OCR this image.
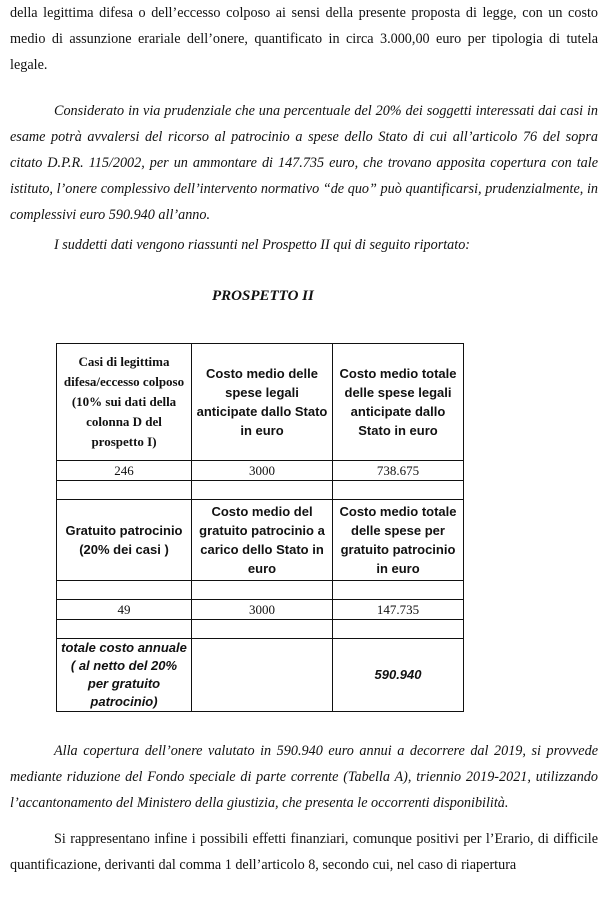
della legittima difesa o dell’eccesso colposo ai sensi della presente proposta di legge, con un costo medio di assunzione erariale dell’onere, quantificato in circa 3.000,00 euro per tipologia di tutela legale.

Considerato in via prudenziale che una percentuale del 20% dei soggetti interessati dai casi in esame potrà avvalersi del ricorso al patrocinio a spese dello Stato di cui all’articolo 76 del sopra citato D.P.R. 115/2002, per un ammontare di 147.735 euro, che trovano apposita copertura con tale istituto, l’onere complessivo dell’intervento normativo “de quo” può quantificarsi, prudenzialmente, in complessivi euro 590.940 all’anno.

I suddetti dati vengono riassunti nel Prospetto II qui di seguito riportato:

PROSPETTO II
Casi di legittima difesa/eccesso colposo (10% sui dati della colonna D del prospetto I)	Costo medio delle spese legali anticipate dallo Stato in euro	Costo medio totale delle spese legali anticipate dallo Stato in euro
246	3000	738.675

Gratuito patrocinio (20% dei casi )	Costo medio del gratuito patrocinio a carico dello Stato in euro	Costo medio totale delle spese per gratuito patrocinio in euro

49	3000	147.735

totale costo annuale ( al netto del 20% per gratuito patrocinio)		590.940

Alla copertura dell’onere valutato in 590.940 euro annui a decorrere dal 2019, si provvede mediante riduzione del Fondo speciale di parte corrente (Tabella A), triennio 2019-2021, utilizzando l’accantonamento del Ministero della giustizia, che presenta le occorrenti disponibilità.

Si rappresentano infine i possibili effetti finanziari, comunque positivi per l’Erario, di difficile quantificazione, derivanti dal comma 1 dell’articolo 8, secondo cui, nel caso di riapertura
